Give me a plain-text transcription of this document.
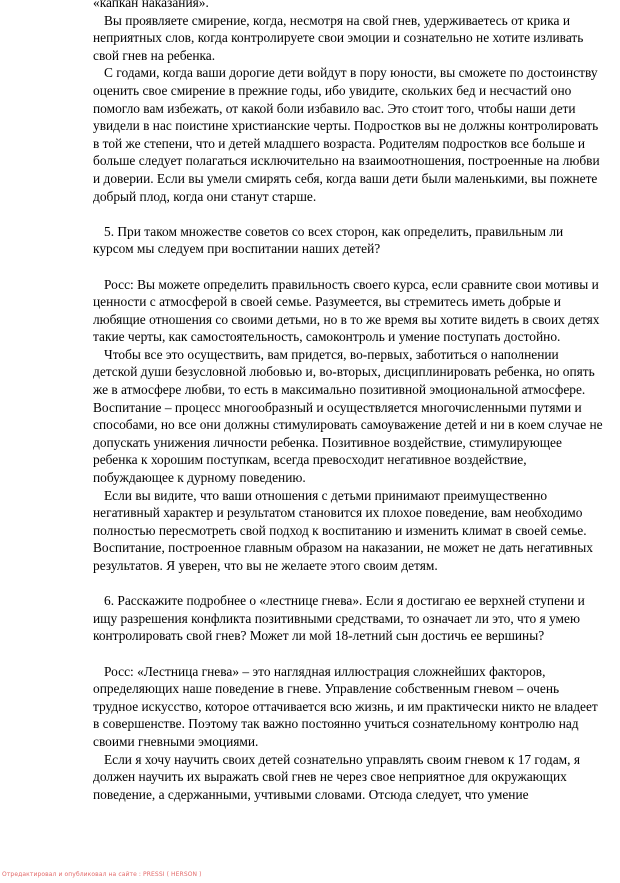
«капкан наказания».

Вы проявляете смирение, когда, несмотря на свой гнев, удерживаетесь от крика и неприятных слов, когда контролируете свои эмоции и сознательно не хотите изливать свой гнев на ребенка.

С годами, когда ваши дорогие дети войдут в пору юности, вы сможете по достоинству оценить свое смирение в прежние годы, ибо увидите, скольких бед и несчастий оно помогло вам избежать, от какой боли избавило вас. Это стоит того, чтобы наши дети увидели в нас поистине христианские черты. Подростков вы не должны контролировать в той же степени, что и детей младшего возраста. Родителям подростков все больше и больше следует полагаться исключительно на взаимоотношения, построенные на любви и доверии. Если вы умели смирять себя, когда ваши дети были маленькими, вы пожнете добрый плод, когда они станут старше.

5. При таком множестве советов со всех сторон, как определить, правильным ли курсом мы следуем при воспитании наших детей?

Росс: Вы можете определить правильность своего курса, если сравните свои мотивы и ценности с атмосферой в своей семье. Разумеется, вы стремитесь иметь добрые и любящие отношения со своими детьми, но в то же время вы хотите видеть в своих детях такие черты, как самостоятельность, самоконтроль и умение поступать достойно.

Чтобы все это осуществить, вам придется, во-первых, заботиться о наполнении детской души безусловной любовью и, во-вторых, дисциплинировать ребенка, но опять же в атмосфере любви, то есть в максимально позитивной эмоциональной атмосфере. Воспитание – процесс многообразный и осуществляется многочисленными путями и способами, но все они должны стимулировать самоуважение детей и ни в коем случае не допускать унижения личности ребенка. Позитивное воздействие, стимулирующее ребенка к хорошим поступкам, всегда превосходит негативное воздействие, побуждающее к дурному поведению.

Если вы видите, что ваши отношения с детьми принимают преимущественно негативный характер и результатом становится их плохое поведение, вам необходимо полностью пересмотреть свой подход к воспитанию и изменить климат в своей семье. Воспитание, построенное главным образом на наказании, не может не дать негативных результатов. Я уверен, что вы не желаете этого своим детям.

6. Расскажите подробнее о «лестнице гнева». Если я достигаю ее верхней ступени и ищу разрешения конфликта позитивными средствами, то означает ли это, что я умею контролировать свой гнев? Может ли мой 18-летний сын достичь ее вершины?

Росс: «Лестница гнева» – это наглядная иллюстрация сложнейших факторов, определяющих наше поведение в гневе. Управление собственным гневом – очень трудное искусство, которое оттачивается всю жизнь, и им практически никто не владеет в совершенстве. Поэтому так важно постоянно учиться сознательному контролю над своими гневными эмоциями.

Если я хочу научить своих детей сознательно управлять своим гневом к 17 годам, я должен научить их выражать свой гнев не через свое неприятное для окружающих поведение, а сдержанными, учтивыми словами. Отсюда следует, что умение

Отредактировал и опубликовал на сайте : PRESSI ( HERSON )
